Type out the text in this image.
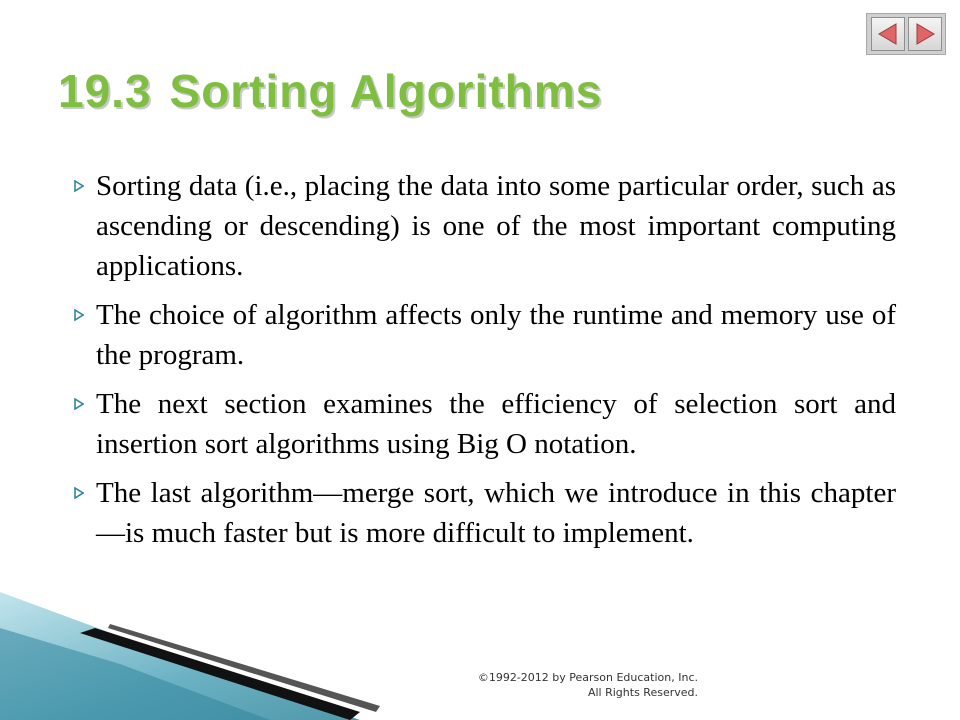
19.3 Sorting Algorithms
Sorting data (i.e., placing the data into some particular order, such as ascending or descending) is one of the most important computing applications.
The choice of algorithm affects only the runtime and memory use of the program.
The next section examines the efficiency of selection sort and insertion sort algorithms using Big O notation.
The last algorithm—merge sort, which we introduce in this chapter—is much faster but is more difficult to implement.
©1992-2012 by Pearson Education, Inc.
All Rights Reserved.
